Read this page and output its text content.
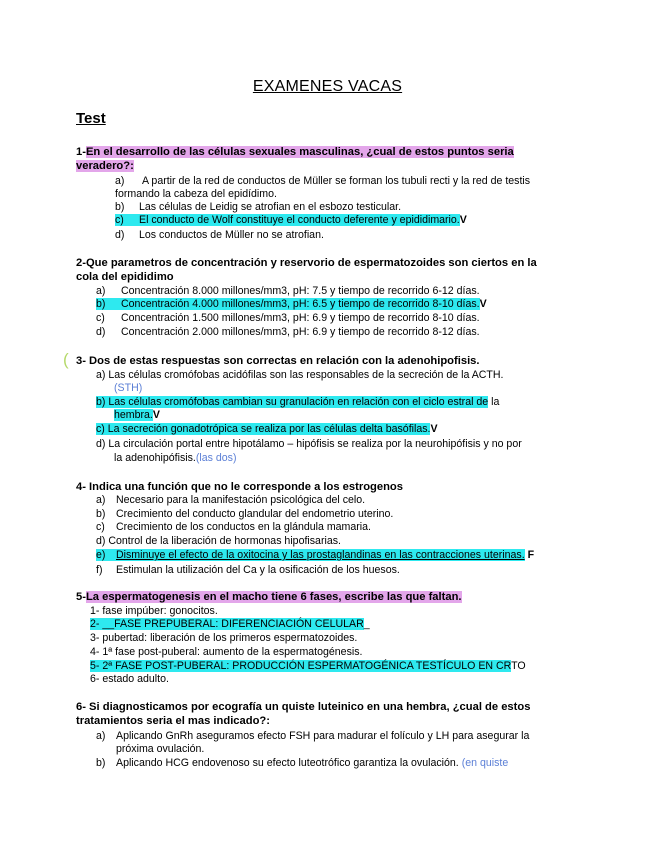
EXAMENES VACAS
Test
1-En el desarrollo de las células sexuales masculinas, ¿cual de estos puntos seria
veradero?:
a) A partir de la red de conductos de Müller se forman los tubuli recti y la red de testis
formando la cabeza del epidídimo.
b) Las células de Leidig se atrofian en el esbozo testicular.
c) El conducto de Wolf constituye el conducto deferente y epididimario.V
d) Los conductos de Müller no se atrofian.
2-Que parametros de concentración y reservorio de espermatozoides son ciertos en la
cola del epididimo
a) Concentración 8.000 millones/mm3, pH: 7.5 y tiempo de recorrido 6-12 días.
b) Concentración 4.000 millones/mm3, pH: 6.5 y tiempo de recorrido 8-10 días.V
c) Concentración 1.500 millones/mm3, pH: 6.9 y tiempo de recorrido 8-10 días.
d) Concentración 2.000 millones/mm3, pH: 6.9 y tiempo de recorrido 8-12 días.
( 3- Dos de estas respuestas son correctas en relación con la adenohipofisis.
a) Las células cromófobas acidófilas son las responsables de la secreción de la ACTH.
(STH)
b) Las células cromófobas cambian su granulación en relación con el ciclo estral de la
hembra.V
c) La secreción gonadotrópica se realiza por las células delta basófilas.V
d) La circulación portal entre hipotálamo – hipófisis se realiza por la neurohipófisis y no por
la adenohipófisis.(las dos)
4- Indica una función que no le corresponde a los estrogenos
a) Necesario para la manifestación psicológica del celo.
b) Crecimiento del conducto glandular del endometrio uterino.
c) Crecimiento de los conductos en la glándula mamaria.
d) Control de la liberación de hormonas hipofisarias.
e) Disminuye el efecto de la oxitocina y las prostaglandinas en las contracciones uterinas. F
f) Estimulan la utilización del Ca y la osificación de los huesos.
5-La espermatogenesis en el macho tiene 6 fases, escribe las que faltan.
1- fase impúber: gonocitos.
2- __FASE PREPUBERAL: DIFERENCIACIÓN CELULAR_
3- pubertad: liberación de los primeros espermatozoides.
4- 1ª fase post-puberal: aumento de la espermatogénesis.
5- 2ª FASE POST-PUBERAL: PRODUCCIÓN ESPERMATOGÉNICA TESTÍCULO EN CRTO
6- estado adulto.
6- Si diagnosticamos por ecografía un quiste luteinico en una hembra, ¿cual de estos
tratamientos seria el mas indicado?:
a) Aplicando GnRh aseguramos efecto FSH para madurar el folículo y LH para asegurar la
próxima ovulación.
b) Aplicando HCG endovenoso su efecto luteotrófico garantiza la ovulación. (en quiste
